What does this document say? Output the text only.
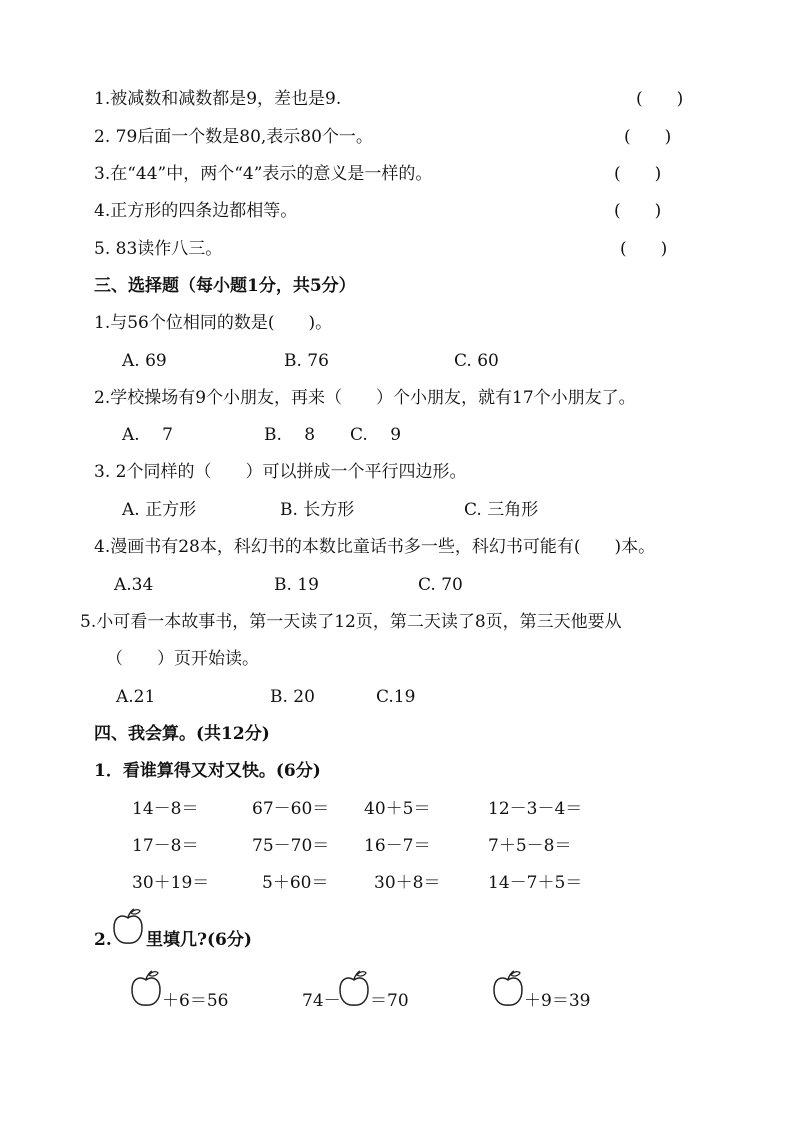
1.被减数和减数都是9，差也是9.	(　　)
2. 79后面一个数是80,表示80个一。	(　　)
3.在“44”中，两个“4”表示的意义是一样的。	(　　)
4.正方形的四条边都相等。	(　　)
5. 83读作八三。	(　　)
三、选择题（每小题1分，共5分）
1.与56个位相同的数是(　　)。
A. 69	B. 76	C. 60
2.学校操场有9个小朋友，再来（　　）个小朋友，就有17个小朋友了。
A.　 7	B.　 8 C.　 9
3. 2个同样的（　　）可以拼成一个平行四边形。
A. 正方形	B. 长方形	C. 三角形
4.漫画书有28本，科幻书的本数比童话书多一些，科幻书可能有(　　)本。
A.34	B. 19	C. 70
5.小可看一本故事书，第一天读了12页，第二天读了8页，第三天他要从
（　　）页开始读。
A.21	B. 20	C.19
四、我会算。(共12分)
1．看谁算得又对又快。(6分)
14－8＝	67－60＝ 40＋5＝	12－3－4＝
17－8＝	75－70＝ 16－7＝	7＋5－8＝
30＋19＝	5＋60＝	30＋8＝	14－7＋5＝
2. 里填几?(6分)
＋6＝56	74－ ＝70	＋9＝39
